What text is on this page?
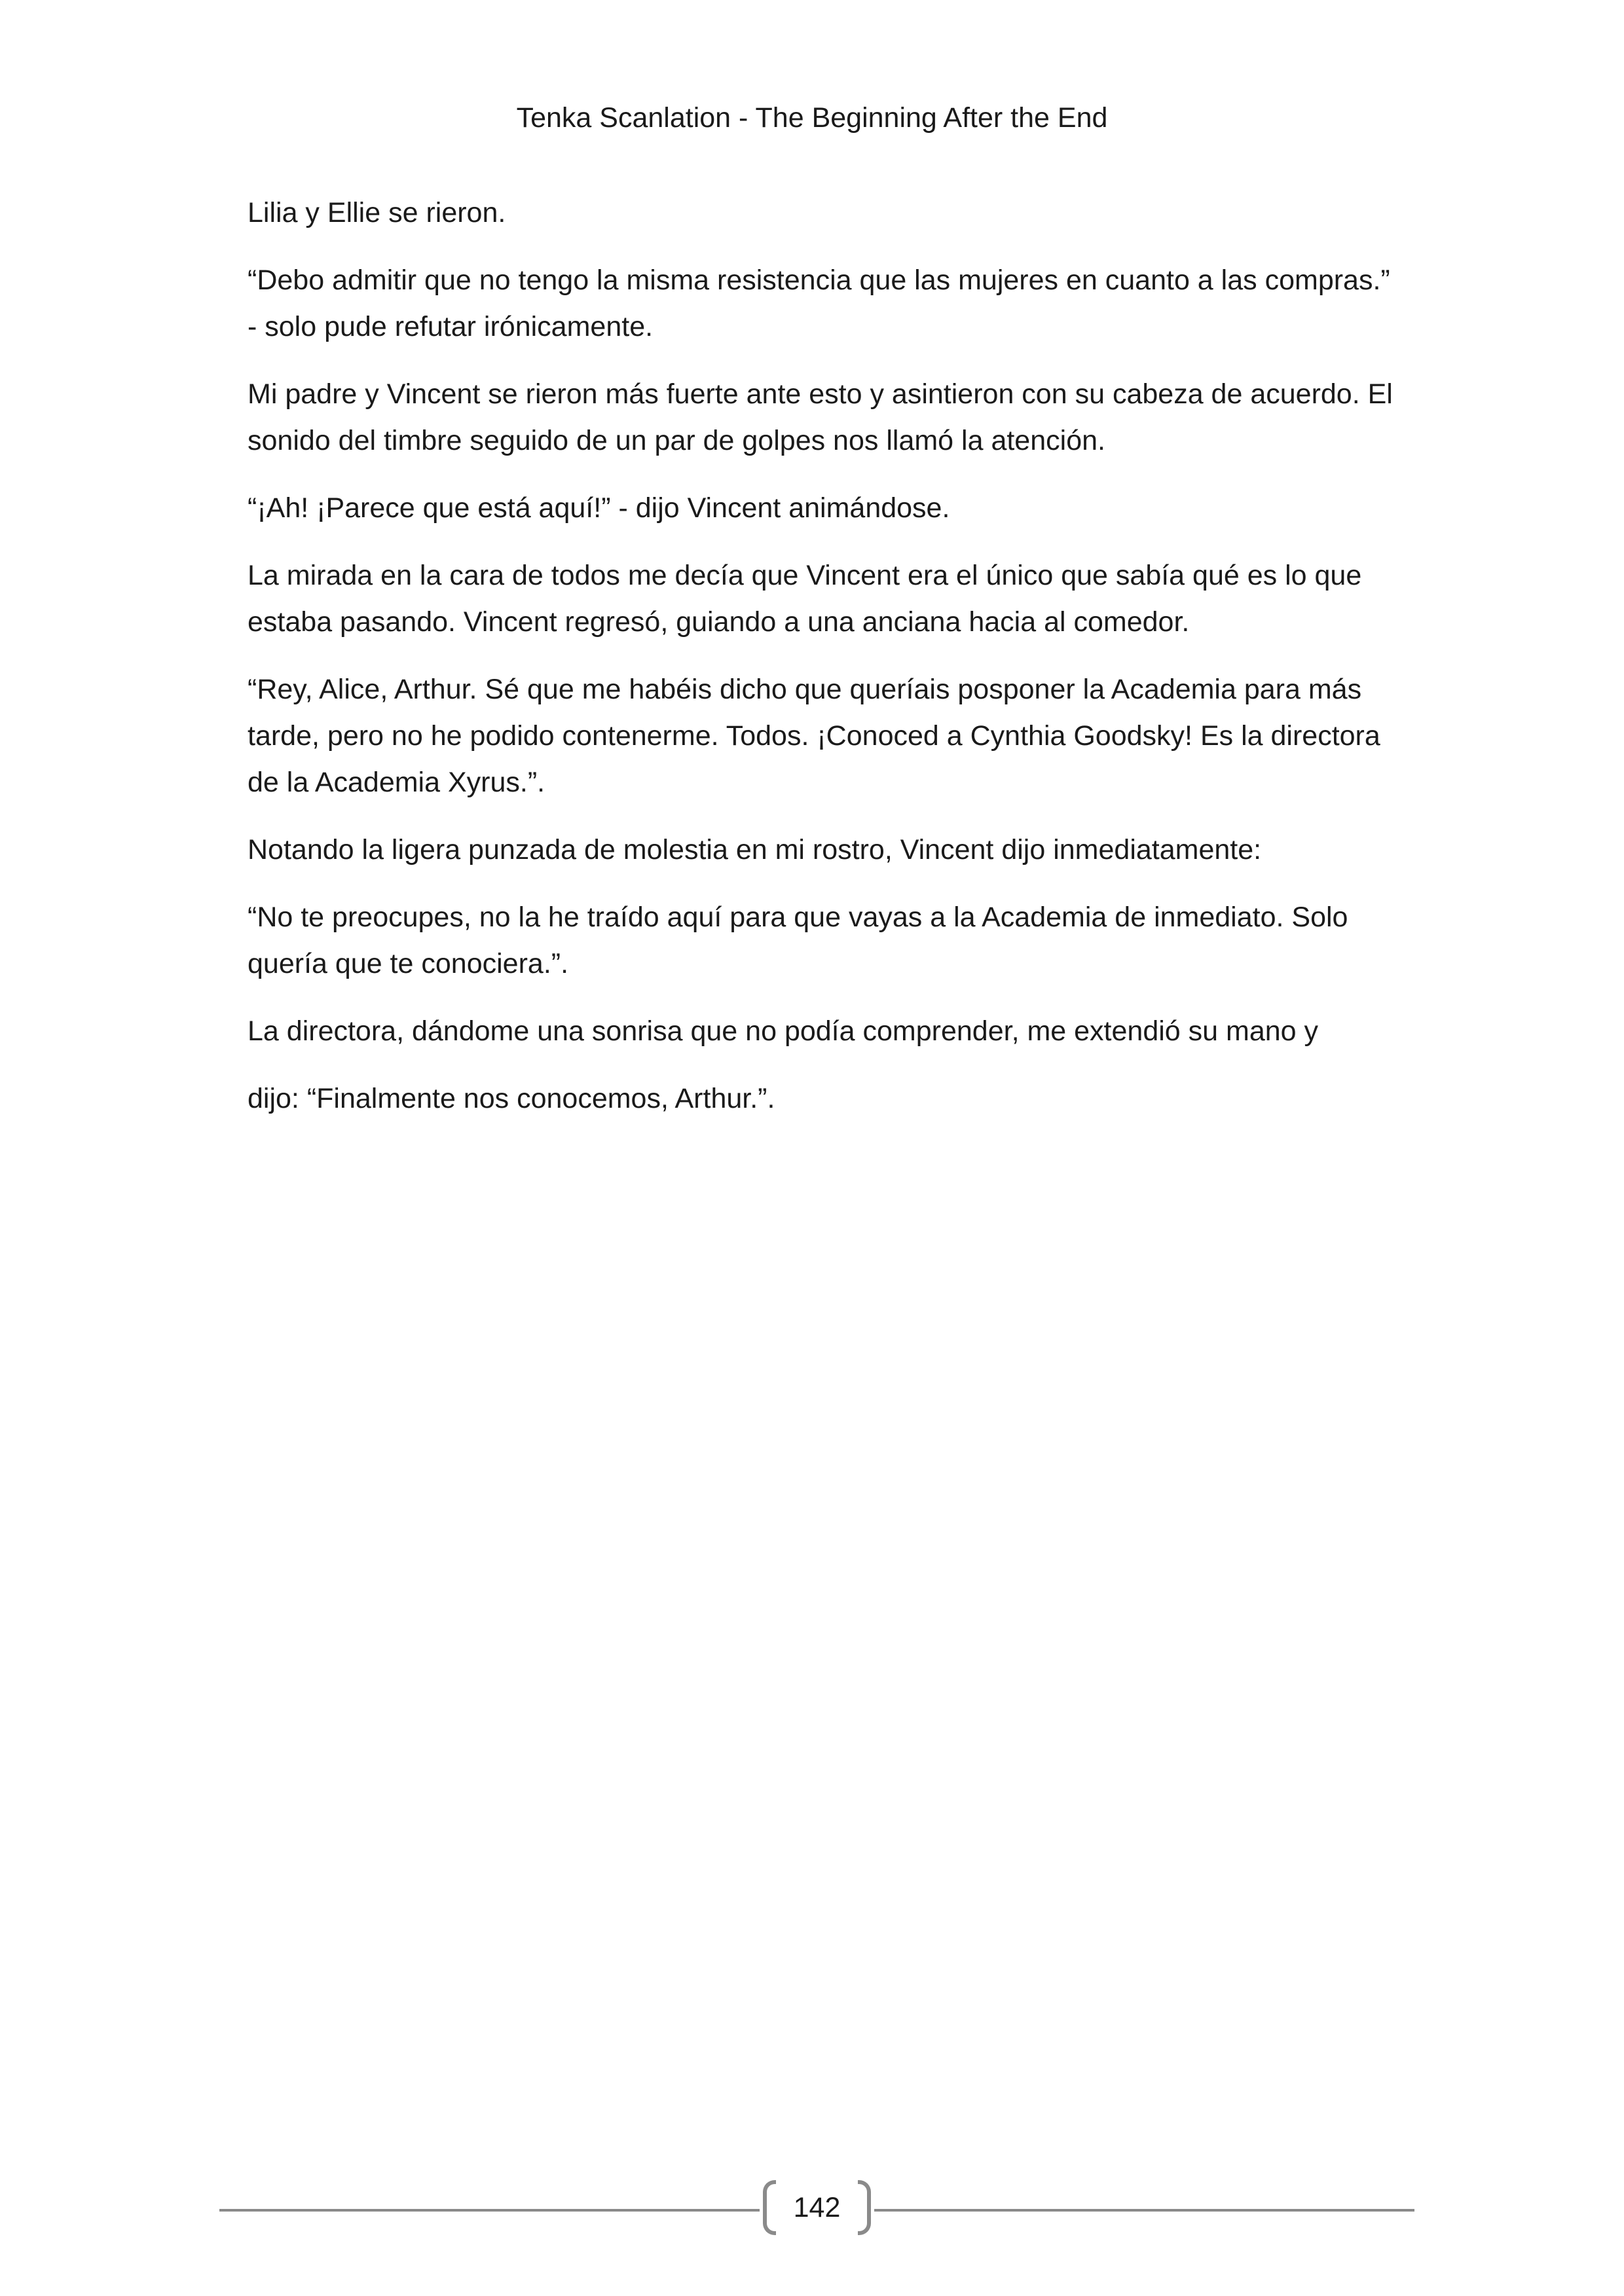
Tenka Scanlation - The Beginning After the End

Lilia y Ellie se rieron.

“Debo admitir que no tengo la misma resistencia que las mujeres en cuanto a las compras.” - solo pude refutar irónicamente.

Mi padre y Vincent se rieron más fuerte ante esto y asintieron con su cabeza de acuerdo. El sonido del timbre seguido de un par de golpes nos llamó la atención.

“¡Ah! ¡Parece que está aquí!” - dijo Vincent animándose.

La mirada en la cara de todos me decía que Vincent era el único que sabía qué es lo que estaba pasando. Vincent regresó, guiando a una anciana hacia al comedor.

“Rey, Alice, Arthur. Sé que me habéis dicho que queríais posponer la Academia para más tarde, pero no he podido contenerme. Todos. ¡Conoced a Cynthia Goodsky! Es la directora de la Academia Xyrus.”.

Notando la ligera punzada de molestia en mi rostro, Vincent dijo inmediatamente:

“No te preocupes, no la he traído aquí para que vayas a la Academia de inmediato. Solo quería que te conociera.”.

La directora, dándome una sonrisa que no podía comprender, me extendió su mano y

dijo: “Finalmente nos conocemos, Arthur.”.

142
